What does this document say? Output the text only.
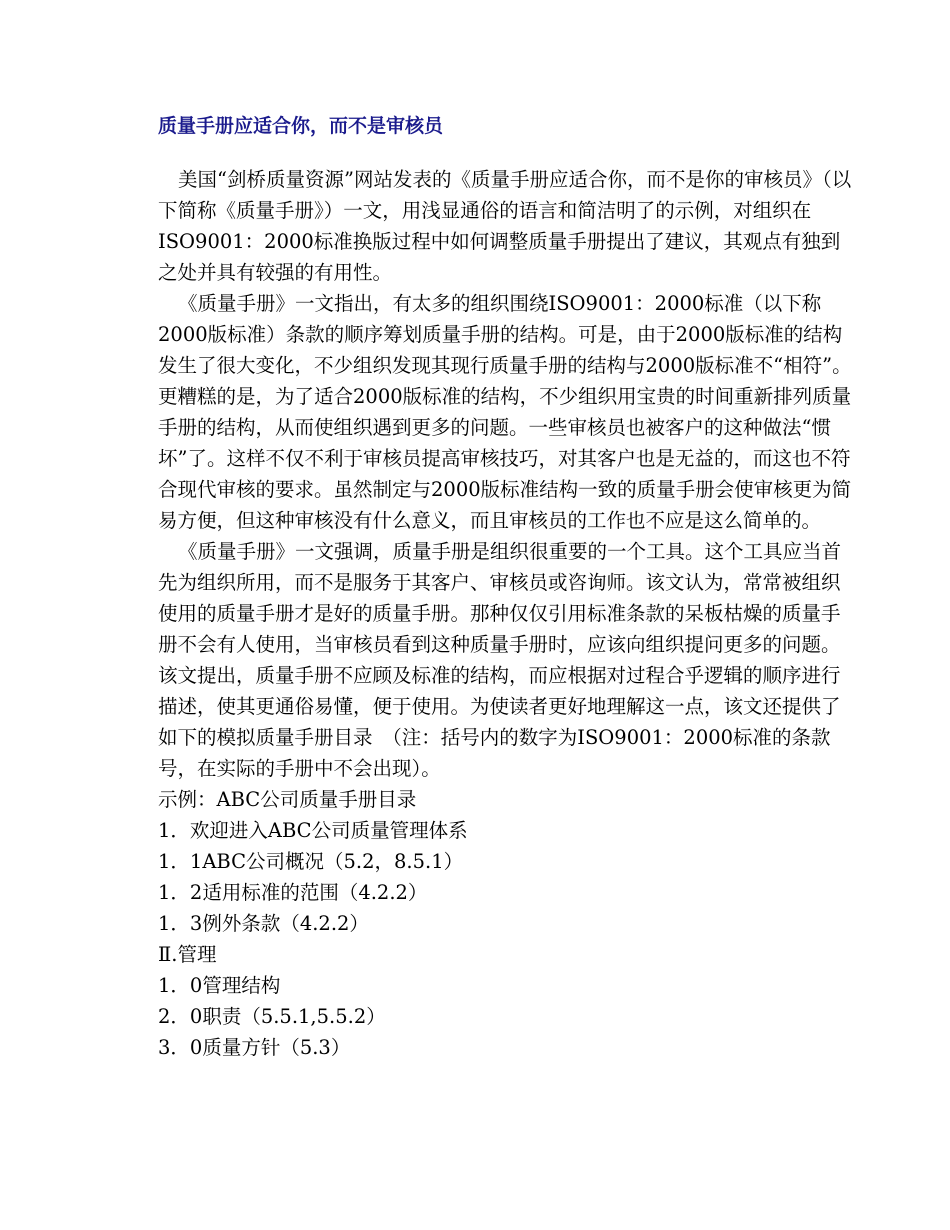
质量手册应适合你，而不是审核员

美国“剑桥质量资源”网站发表的《质量手册应适合你，而不是你的审核员》（以下简称《质量手册》）一文，用浅显通俗的语言和简洁明了的示例，对组织在ISO9001：2000标准换版过程中如何调整质量手册提出了建议，其观点有独到之处并具有较强的有用性。

《质量手册》一文指出，有太多的组织围绕ISO9001：2000标准（以下称2000版标准）条款的顺序筹划质量手册的结构。可是，由于2000版标准的结构发生了很大变化，不少组织发现其现行质量手册的结构与2000版标准不“相符”。更糟糕的是，为了适合2000版标准的结构，不少组织用宝贵的时间重新排列质量手册的结构，从而使组织遇到更多的问题。一些审核员也被客户的这种做法“惯坏”了。这样不仅不利于审核员提高审核技巧，对其客户也是无益的，而这也不符合现代审核的要求。虽然制定与2000版标准结构一致的质量手册会使审核更为简易方便，但这种审核没有什么意义，而且审核员的工作也不应是这么简单的。

《质量手册》一文强调，质量手册是组织很重要的一个工具。这个工具应当首先为组织所用，而不是服务于其客户、审核员或咨询师。该文认为，常常被组织使用的质量手册才是好的质量手册。那种仅仅引用标准条款的呆板枯燥的质量手册不会有人使用，当审核员看到这种质量手册时，应该向组织提问更多的问题。

该文提出，质量手册不应顾及标准的结构，而应根据对过程合乎逻辑的顺序进行描述，使其更通俗易懂，便于使用。为使读者更好地理解这一点，该文还提供了如下的模拟质量手册目录　（注：括号内的数字为ISO9001：2000标准的条款号，在实际的手册中不会出现）。

示例：ABC公司质量手册目录

1．欢迎进入ABC公司质量管理体系

1．1ABC公司概况（5.2，8.5.1）

1．2适用标准的范围（4.2.2）

1．3例外条款（4.2.2）

Ⅱ.管理

1．0管理结构

2．0职责（5.5.1,5.5.2）

3．0质量方针（5.3）
